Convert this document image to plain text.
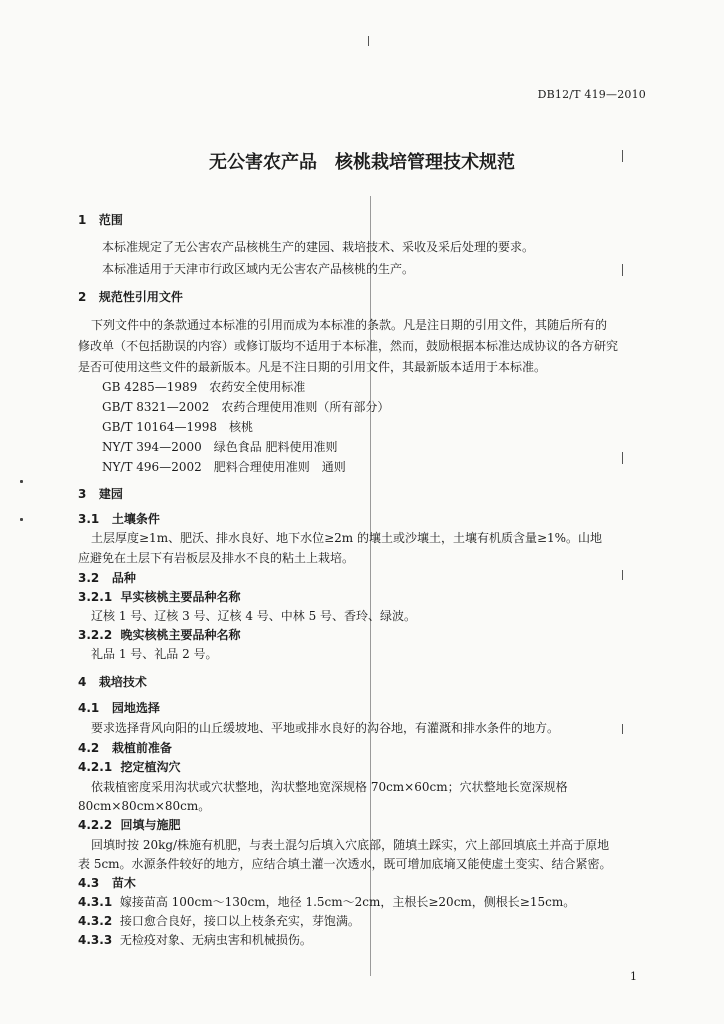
DB12/T 419—2010
无公害农产品　核桃栽培管理技术规范
1 范围
本标准规定了无公害农产品核桃生产的建园、栽培技术、采收及采后处理的要求。
本标准适用于天津市行政区域内无公害农产品核桃的生产。
2 规范性引用文件
下列文件中的条款通过本标准的引用而成为本标准的条款。凡是注日期的引用文件，其随后所有的
修改单（不包括勘误的内容）或修订版均不适用于本标准，然而，鼓励根据本标准达成协议的各方研究
是否可使用这些文件的最新版本。凡是不注日期的引用文件，其最新版本适用于本标准。
GB 4285—1989　农药安全使用标准
GB/T 8321—2002　农药合理使用准则（所有部分）
GB/T 10164—1998　核桃
NY/T 394—2000　绿色食品 肥料使用准则
NY/T 496—2002　肥料合理使用准则　通则
3 建园
3.1 土壤条件
土层厚度≥1m、肥沃、排水良好、地下水位≥2m 的壤土或沙壤土，土壤有机质含量≥1%。山地
应避免在土层下有岩板层及排水不良的粘土上栽培。
3.2 品种
3.2.1 早实核桃主要品种名称
辽核 1 号、辽核 3 号、辽核 4 号、中林 5 号、香玲、绿波。
3.2.2 晚实核桃主要品种名称
礼品 1 号、礼品 2 号。
4 栽培技术
4.1 园地选择
要求选择背风向阳的山丘缓坡地、平地或排水良好的沟谷地，有灌溉和排水条件的地方。
4.2 栽植前准备
4.2.1 挖定植沟穴
依栽植密度采用沟状或穴状整地，沟状整地宽深规格 70cm×60cm；穴状整地长宽深规格
80cm×80cm×80cm。
4.2.2 回填与施肥
回填时按 20kg/株施有机肥，与表土混匀后填入穴底部，随填土踩实，穴上部回填底土并高于原地
表 5cm。水源条件较好的地方，应结合填土灌一次透水，既可增加底墒又能使虚土变实、结合紧密。
4.3 苗木
4.3.1 嫁接苗高 100cm～130cm，地径 1.5cm～2cm，主根长≥20cm，侧根长≥15cm。
4.3.2 接口愈合良好，接口以上枝条充实，芽饱满。
4.3.3 无检疫对象、无病虫害和机械损伤。
1
